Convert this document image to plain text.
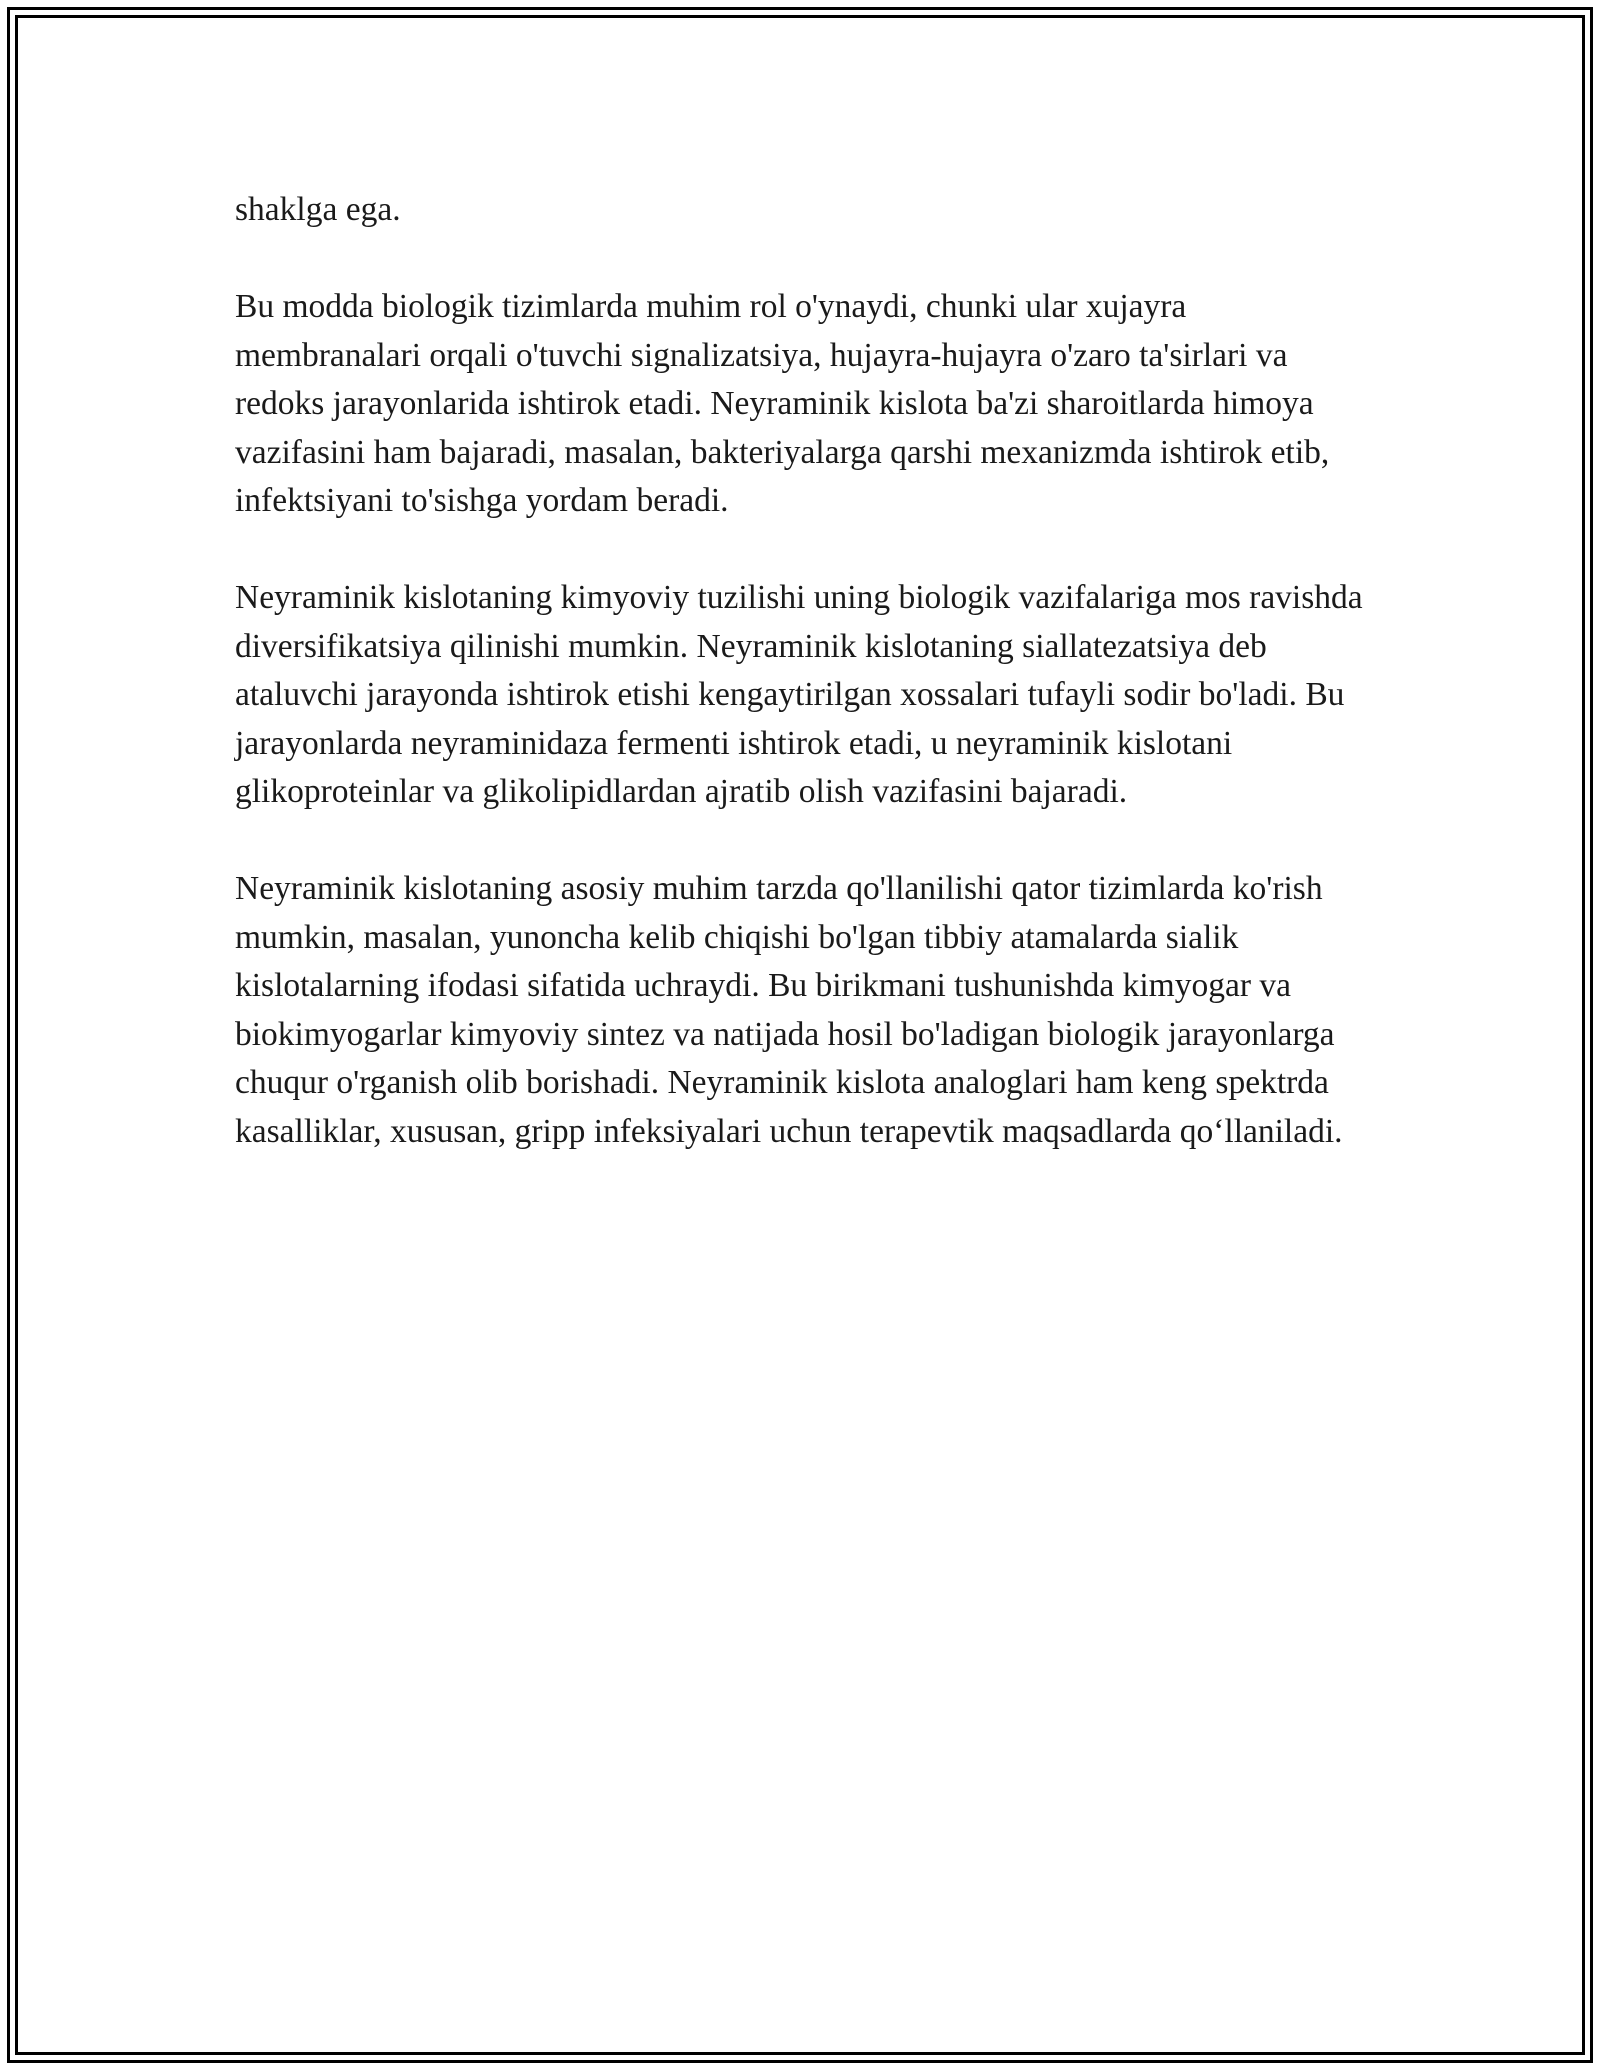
shaklga ega.

Bu modda biologik tizimlarda muhim rol o'ynaydi, chunki ular xujayra membranalari orqali o'tuvchi signalizatsiya, hujayra-hujayra o'zaro ta'sirlari va redoks jarayonlarida ishtirok etadi. Neyraminik kislota ba'zi sharoitlarda himoya vazifasini ham bajaradi, masalan, bakteriyalarga qarshi mexanizmda ishtirok etib, infektsiyani to'sishga yordam beradi.

Neyraminik kislotaning kimyoviy tuzilishi uning biologik vazifalariga mos ravishda diversifikatsiya qilinishi mumkin. Neyraminik kislotaning siallatezatsiya deb ataluvchi jarayonda ishtirok etishi kengaytirilgan xossalari tufayli sodir bo'ladi. Bu jarayonlarda neyraminidaza fermenti ishtirok etadi, u neyraminik kislotani glikoproteinlar va glikolipidlardan ajratib olish vazifasini bajaradi.

Neyraminik kislotaning asosiy muhim tarzda qo'llanilishi qator tizimlarda ko'rish mumkin, masalan, yunoncha kelib chiqishi bo'lgan tibbiy atamalarda sialik kislotalarning ifodasi sifatida uchraydi. Bu birikmani tushunishda kimyogar va biokimyogarlar kimyoviy sintez va natijada hosil bo'ladigan biologik jarayonlarga chuqur o'rganish olib borishadi. Neyraminik kislota analoglari ham keng spektrda kasalliklar, xususan, gripp infeksiyalari uchun terapevtik maqsadlarda qo‘llaniladi.
